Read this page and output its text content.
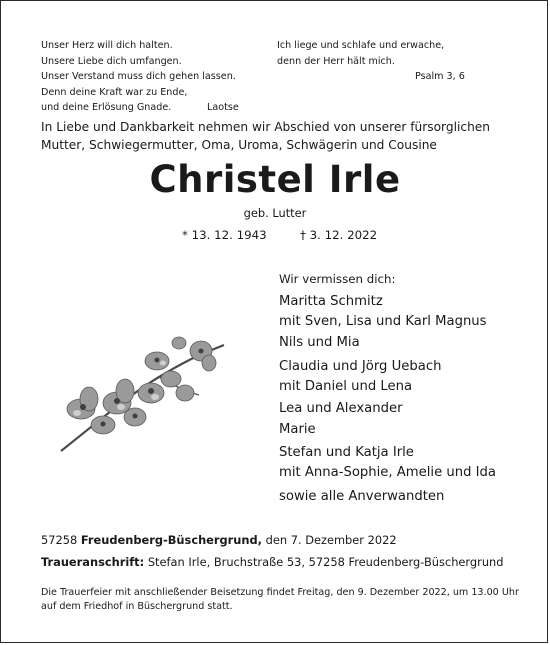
Unser Herz will dich halten.
Unsere Liebe dich umfangen.
Unser Verstand muss dich gehen lassen.
Denn deine Kraft war zu Ende,
und deine Erlösung Gnade.	Laotse
Ich liege und schlafe und erwache,
denn der Herr hält mich.
Psalm 3, 6
In Liebe und Dankbarkeit nehmen wir Abschied von unserer fürsorglichen Mutter, Schwiegermutter, Oma, Uroma, Schwägerin und Cousine
Christel Irle
geb. Lutter
* 13. 12. 1943	† 3. 12. 2022
Wir vermissen dich:
Maritta Schmitz
mit Sven, Lisa und Karl Magnus
Nils und Mia
Claudia und Jörg Uebach
mit Daniel und Lena
Lea und Alexander
Marie
Stefan und Katja Irle
mit Anna-Sophie, Amelie und Ida
sowie alle Anverwandten
57258 Freudenberg-Büschergrund, den 7. Dezember 2022
Traueranschrift: Stefan Irle, Bruchstraße 53, 57258 Freudenberg-Büschergrund
Die Trauerfeier mit anschließender Beisetzung findet Freitag, den 9. Dezember 2022, um 13.00 Uhr auf dem Friedhof in Büschergrund statt.
